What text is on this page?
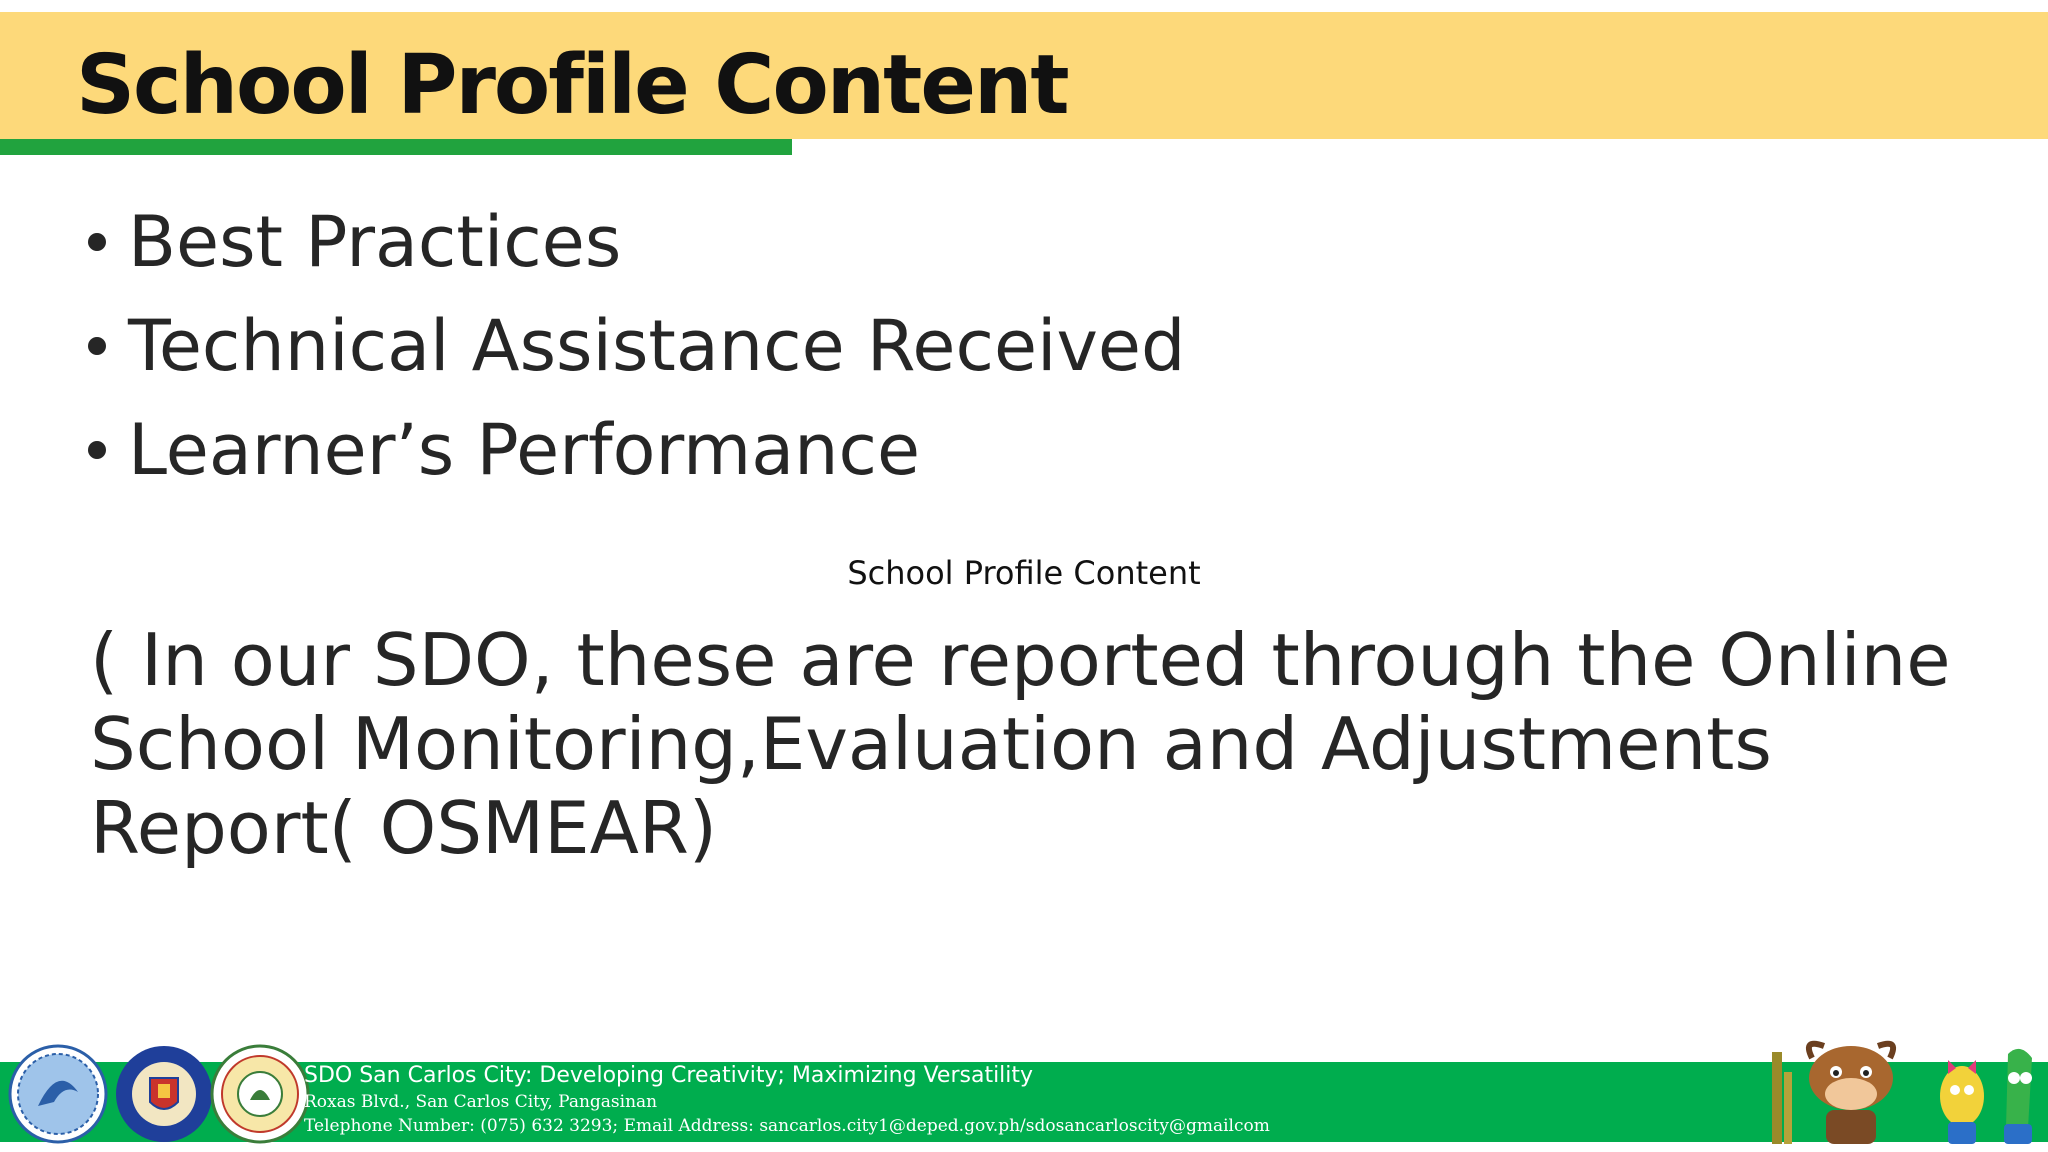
School Profile Content
Best Practices
Technical Assistance Received
Learner’s Performance
School Profile Content

( In our SDO, these are reported through the Online School Monitoring,Evaluation and Adjustments Report( OSMEAR)

SDO San Carlos City: Developing Creativity; Maximizing Versatility
Roxas Blvd., San Carlos City, Pangasinan
Telephone Number: (075) 632 3293; Email Address: sancarlos.city1@deped.gov.ph/sdosancarloscity@gmailcom
